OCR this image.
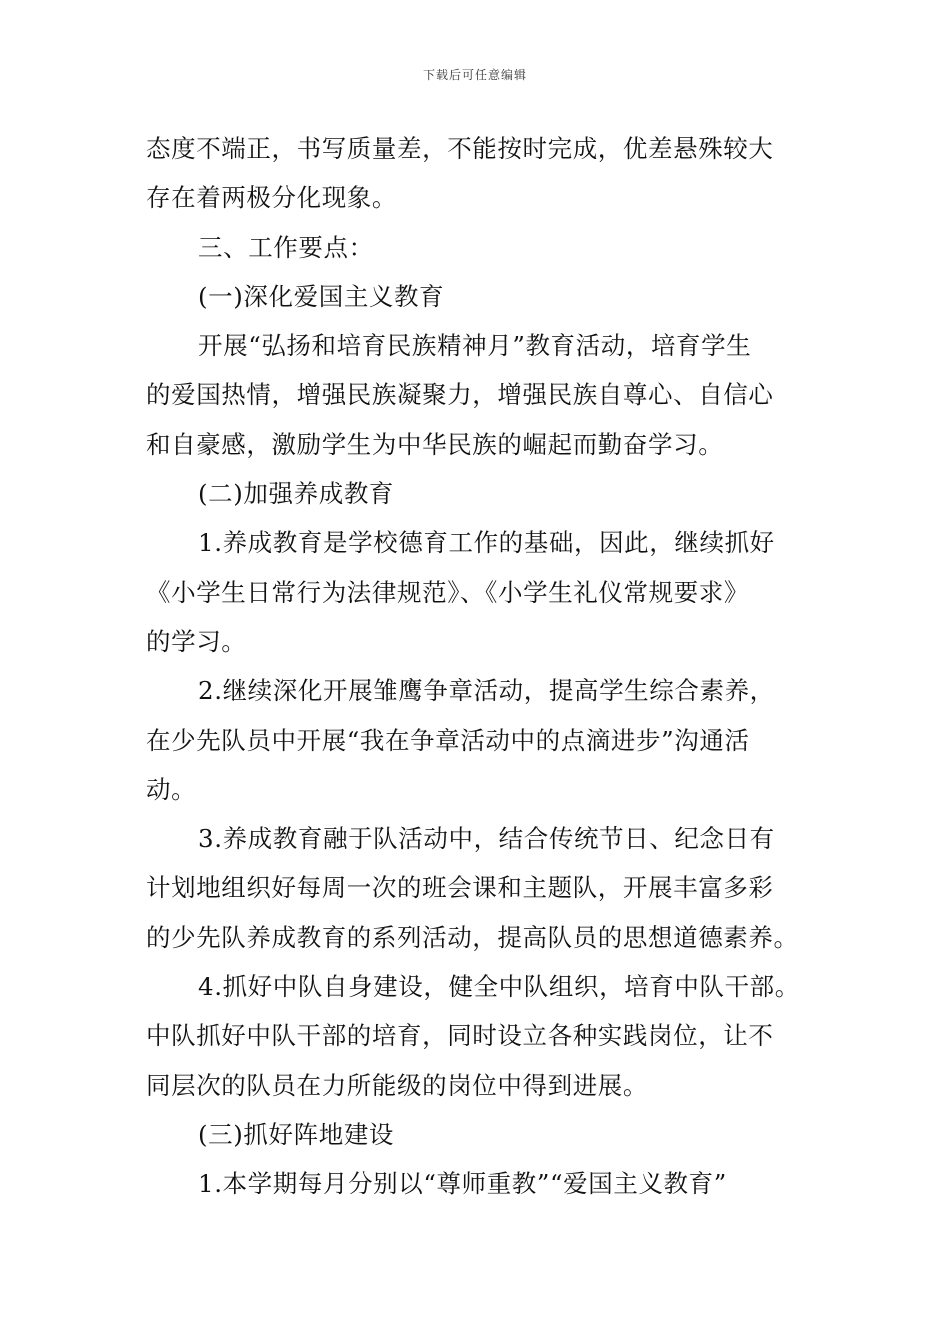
下载后可任意编辑
态度不端正，书写质量差，不能按时完成，优差悬殊较大
存在着两极分化现象。
三、工作要点：
(一)深化爱国主义教育
开展“弘扬和培育民族精神月”教育活动，培育学生
的爱国热情，增强民族凝聚力，增强民族自尊心、自信心
和自豪感，激励学生为中华民族的崛起而勤奋学习。
(二)加强养成教育
1.养成教育是学校德育工作的基础，因此，继续抓好
《小学生日常行为法律规范》、《小学生礼仪常规要求》
的学习。
2.继续深化开展雏鹰争章活动，提高学生综合素养，
在少先队员中开展“我在争章活动中的点滴进步”沟通活
动。
3.养成教育融于队活动中，结合传统节日、纪念日有
计划地组织好每周一次的班会课和主题队，开展丰富多彩
的少先队养成教育的系列活动，提高队员的思想道德素养。
4.抓好中队自身建设，健全中队组织，培育中队干部。
中队抓好中队干部的培育，同时设立各种实践岗位，让不
同层次的队员在力所能级的岗位中得到进展。
(三)抓好阵地建设
1.本学期每月分别以“尊师重教”“爱国主义教育”
